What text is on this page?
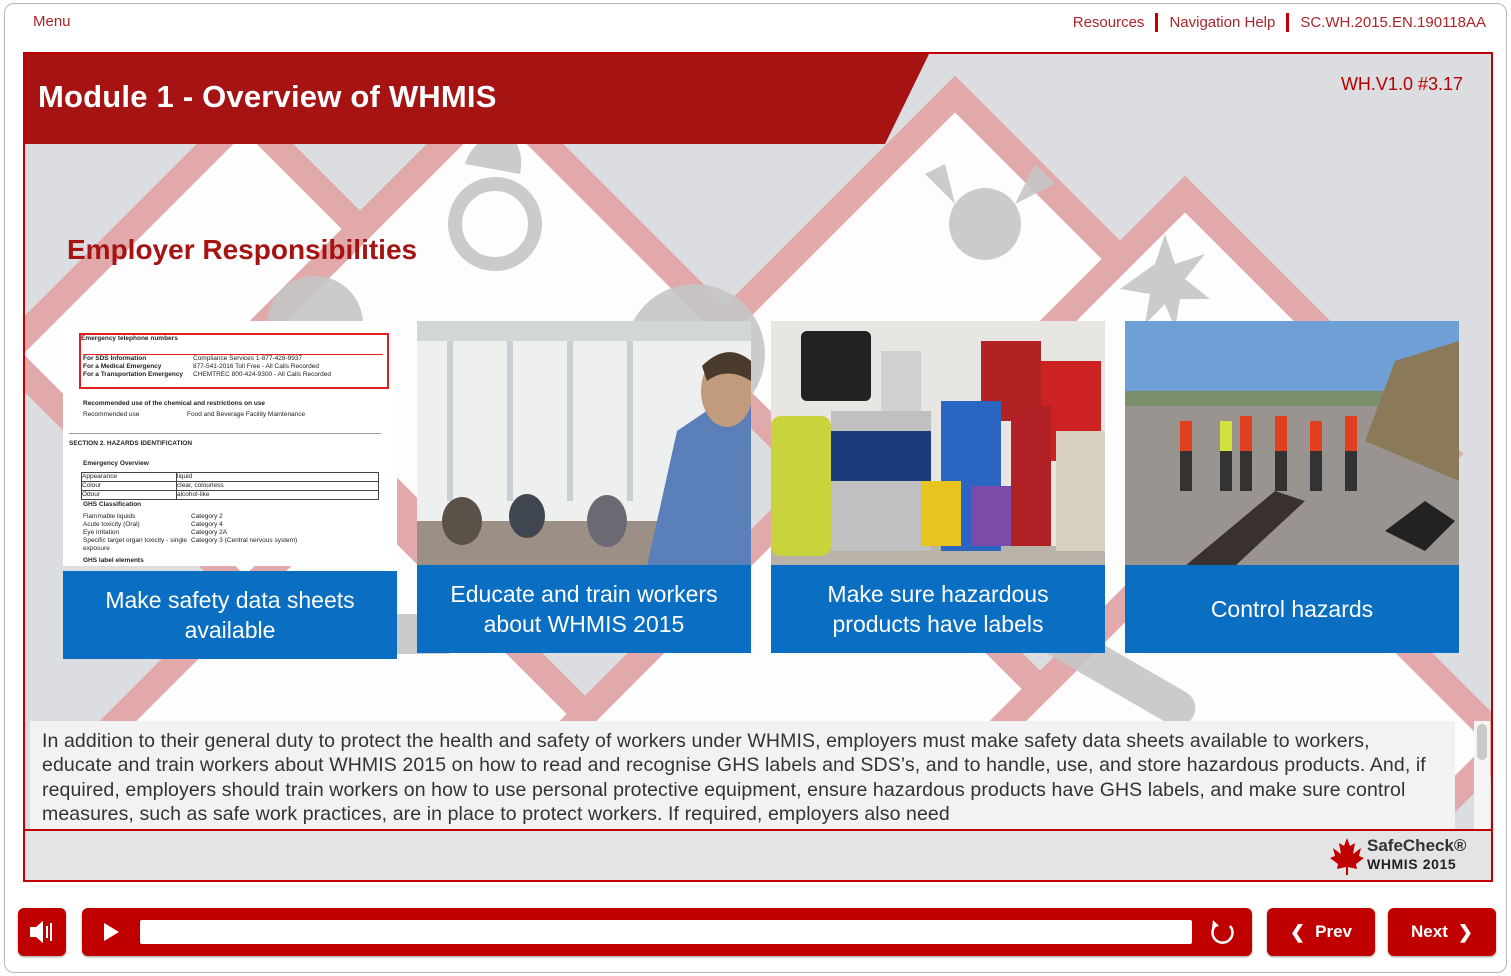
Menu	Resources Navigation Help SC.WH.2015.EN.190118AA
Module 1 - Overview of WHMIS	WH.V1.0 #3.17
Employer Responsibilities
Emergency telephone numbers
For SDS Information	Compliance Services 1-877-428-9937
For a Medical Emergency	877-541-2016 Toll Free - All Calls Recorded
For a Transportation Emergency	CHEMTREC 800-424-9300 - All Calls Recorded
Recommended use of the chemical and restrictions on use
Recommended use	Food and Beverage Facility Maintenance
SECTION 2. HAZARDS IDENTIFICATION
Emergency Overview
Appearance	liquid
Colour	clear, colourless
Odour	alcohol-like
GHS Classification
Flammable liquids	Category 2
Acute toxicity (Oral)	Category 4
Eye irritation	Category 2A
Specific target organ toxicity - single exposure
Category 3 (Central nervous system)
GHS label elements
Make safety data sheets available
Educate and train workers about WHMIS 2015
Make sure hazardous products have labels
Control hazards

In addition to their general duty to protect the health and safety of workers under WHMIS, employers must make safety data sheets available to workers, educate and train workers about WHMIS 2015 on how to read and recognise GHS labels and SDS’s, and to handle, use, and store hazardous products. And, if required, employers should train workers on how to use personal protective equipment, ensure hazardous products have GHS labels, and make sure control measures, such as safe work practices, are in place to protect workers. If required, employers also need

SafeCheck®
WHMIS 2015
❮ Prev	Next ❯
